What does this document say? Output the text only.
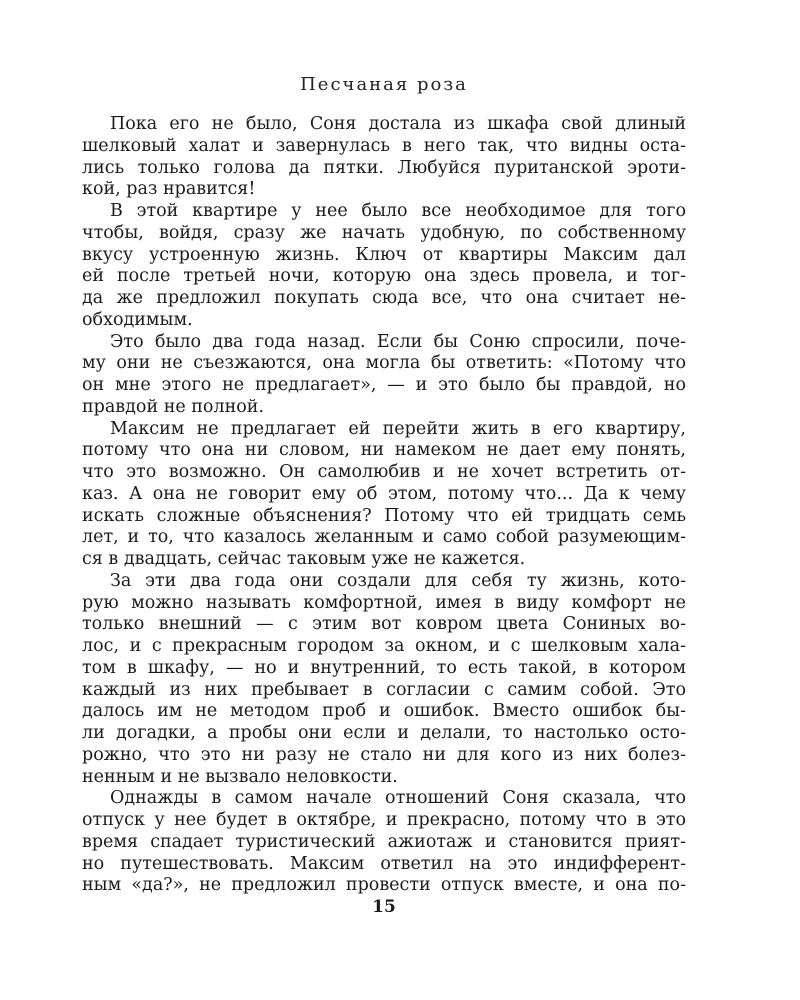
Песчаная роза
Пока его не было, Соня достала из шкафа свой длиный
шелковый халат и завернулась в него так, что видны оста-
лись только голова да пятки. Любуйся пуританской эроти-
кой, раз нравится!
В этой квартире у нее было все необходимое для того
чтобы, войдя, сразу же начать удобную, по собственному
вкусу устроенную жизнь. Ключ от квартиры Максим дал
ей после третьей ночи, которую она здесь провела, и тог-
да же предложил покупать сюда все, что она считает не-
обходимым.
Это было два года назад. Если бы Соню спросили, поче-
му они не съезжаются, она могла бы ответить: «Потому что
он мне этого не предлагает», — и это было бы правдой, но
правдой не полной.
Максим не предлагает ей перейти жить в его квартиру,
потому что она ни словом, ни намеком не дает ему понять,
что это возможно. Он самолюбив и не хочет встретить от-
каз. А она не говорит ему об этом, потому что... Да к чему
искать сложные объяснения? Потому что ей тридцать семь
лет, и то, что казалось желанным и само собой разумеющим-
ся в двадцать, сейчас таковым уже не кажется.
За эти два года они создали для себя ту жизнь, кото-
рую можно называть комфортной, имея в виду комфорт не
только внешний — с этим вот ковром цвета Сониных во-
лос, и с прекрасным городом за окном, и с шелковым хала-
том в шкафу, — но и внутренний, то есть такой, в котором
каждый из них пребывает в согласии с самим собой. Это
далось им не методом проб и ошибок. Вместо ошибок бы-
ли догадки, а пробы они если и делали, то настолько осто-
рожно, что это ни разу не стало ни для кого из них болез-
ненным и не вызвало неловкости.
Однажды в самом начале отношений Соня сказала, что
отпуск у нее будет в октябре, и прекрасно, потому что в это
время спадает туристический ажиотаж и становится прият-
но путешествовать. Максим ответил на это индифферент-
ным «да?», не предложил провести отпуск вместе, и она по-
15
